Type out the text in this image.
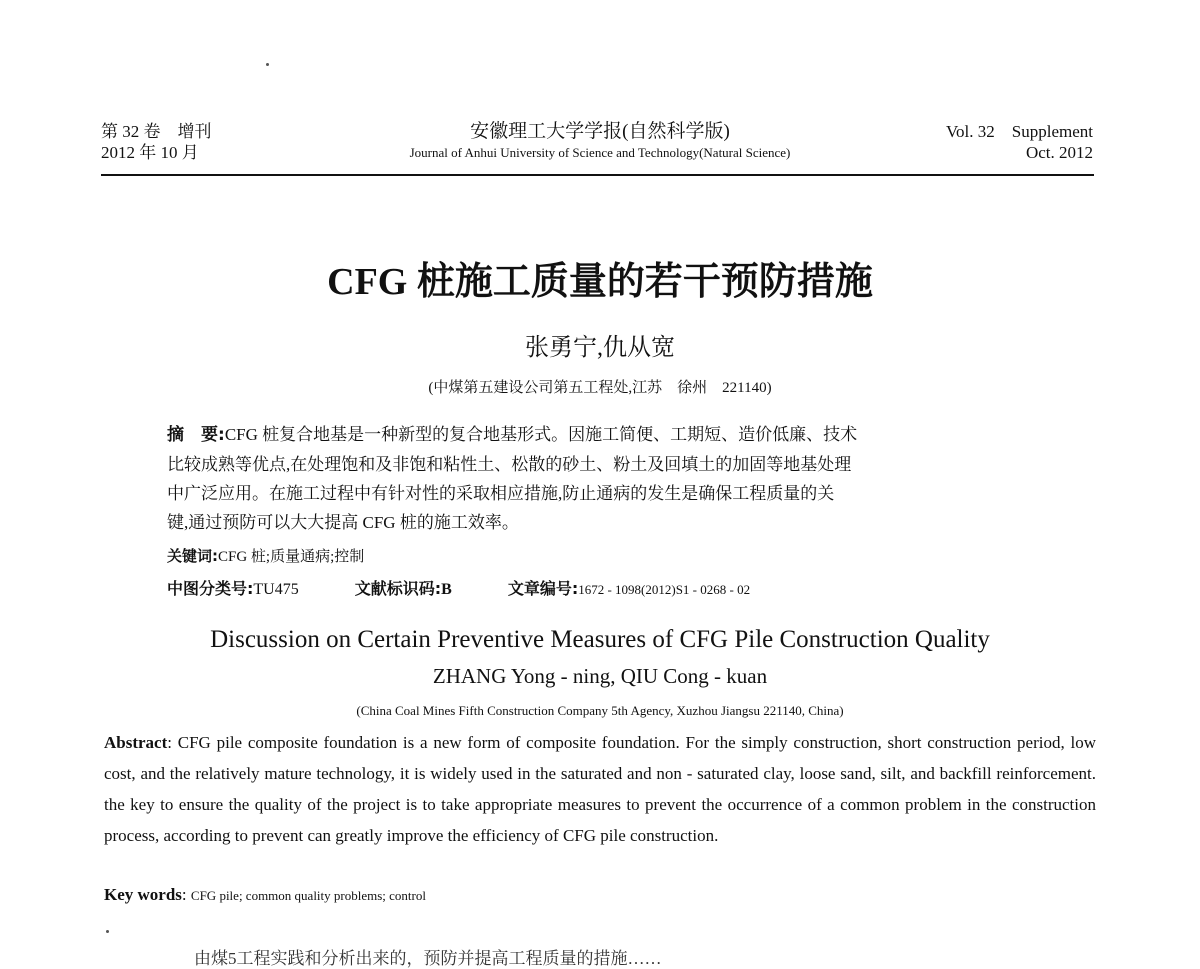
第 32 卷　增刊
2012 年 10 月
安徽理工大学学报(自然科学版)
Journal of Anhui University of Science and Technology(Natural Science)
Vol. 32　Supplement
Oct. 2012
CFG 桩施工质量的若干预防措施
张勇宁,仇从宽
(中煤第五建设公司第五工程处,江苏　徐州　221140)

摘　要:CFG 桩复合地基是一种新型的复合地基形式。因施工简便、工期短、造价低廉、技术

比较成熟等优点,在处理饱和及非饱和粘性土、松散的砂土、粉土及回填土的加固等地基处理

中广泛应用。在施工过程中有针对性的采取相应措施,防止通病的发生是确保工程质量的关

键,通过预防可以大大提高 CFG 桩的施工效率。

关键词:CFG 桩;质量通病;控制
中图分类号:TU475	文献标识码:B	文章编号:1672 - 1098(2012)S1 - 0268 - 02
Discussion on Certain Preventive Measures of CFG Pile Construction Quality
ZHANG Yong - ning, QIU Cong - kuan
(China Coal Mines Fifth Construction Company 5th Agency, Xuzhou Jiangsu 221140, China)
Abstract: CFG pile composite foundation is a new form of composite foundation. For the simply construction, short construction period, low cost, and the relatively mature technology, it is widely used in the saturated and non - saturated clay, loose sand, silt, and backfill reinforcement. the key to ensure the quality of the project is to take appropriate measures to prevent the occurrence of a common problem in the construction process, according to prevent can greatly improve the efficiency of CFG pile construction.
Key words: CFG pile; common quality problems; control
　　由煤5工程实践和分析出来的，预防并提高工程质量的措施……
